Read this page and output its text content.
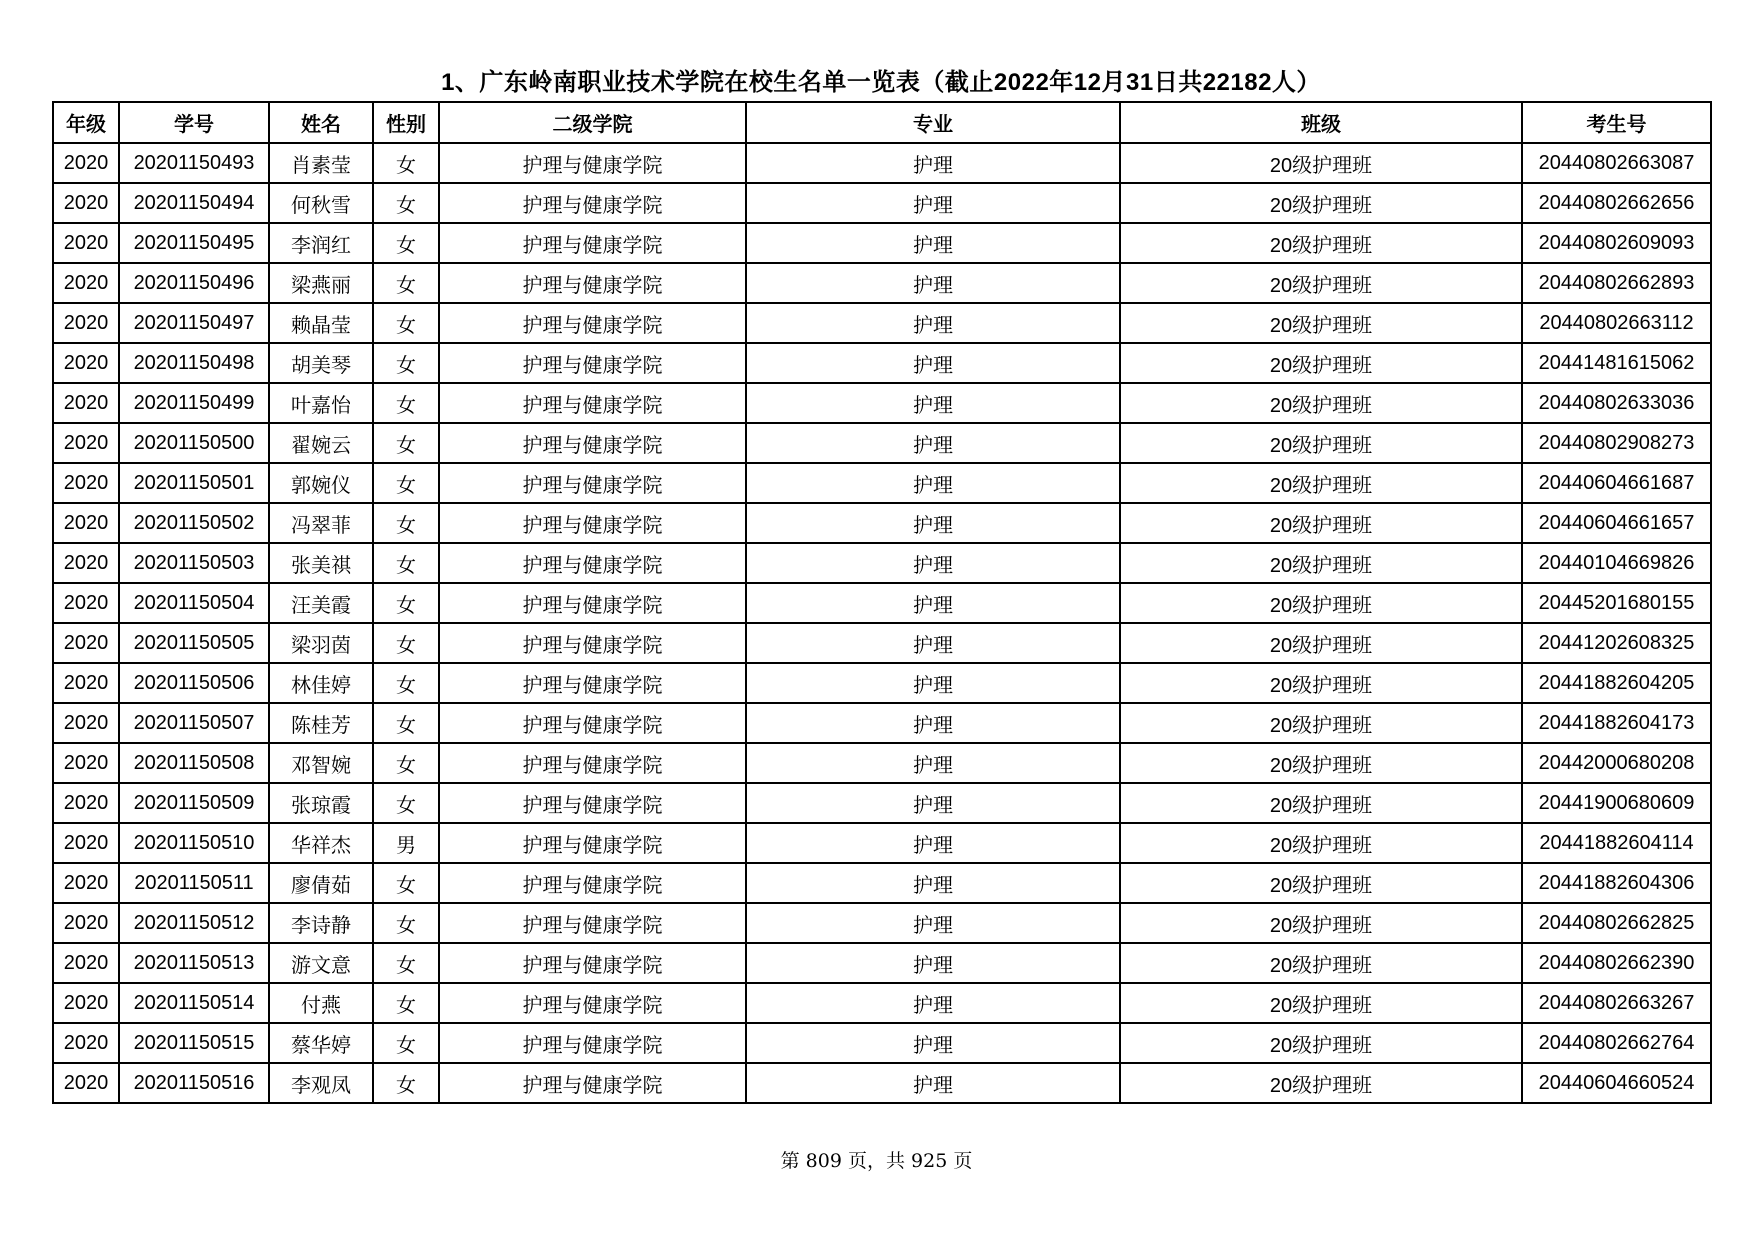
1、广东岭南职业技术学院在校生名单一览表（截止2022年12月31日共22182人）
年级	学号	姓名	性别	二级学院	专业	班级	考生号
2020	20201150493	肖素莹	女	护理与健康学院	护理	20级护理班	20440802663087
2020	20201150494	何秋雪	女	护理与健康学院	护理	20级护理班	20440802662656
2020	20201150495	李润红	女	护理与健康学院	护理	20级护理班	20440802609093
2020	20201150496	梁燕丽	女	护理与健康学院	护理	20级护理班	20440802662893
2020	20201150497	赖晶莹	女	护理与健康学院	护理	20级护理班	20440802663112
2020	20201150498	胡美琴	女	护理与健康学院	护理	20级护理班	20441481615062
2020	20201150499	叶嘉怡	女	护理与健康学院	护理	20级护理班	20440802633036
2020	20201150500	翟婉云	女	护理与健康学院	护理	20级护理班	20440802908273
2020	20201150501	郭婉仪	女	护理与健康学院	护理	20级护理班	20440604661687
2020	20201150502	冯翠菲	女	护理与健康学院	护理	20级护理班	20440604661657
2020	20201150503	张美祺	女	护理与健康学院	护理	20级护理班	20440104669826
2020	20201150504	汪美霞	女	护理与健康学院	护理	20级护理班	20445201680155
2020	20201150505	梁羽茵	女	护理与健康学院	护理	20级护理班	20441202608325
2020	20201150506	林佳婷	女	护理与健康学院	护理	20级护理班	20441882604205
2020	20201150507	陈桂芳	女	护理与健康学院	护理	20级护理班	20441882604173
2020	20201150508	邓智婉	女	护理与健康学院	护理	20级护理班	20442000680208
2020	20201150509	张琼霞	女	护理与健康学院	护理	20级护理班	20441900680609
2020	20201150510	华祥杰	男	护理与健康学院	护理	20级护理班	20441882604114
2020	20201150511	廖倩茹	女	护理与健康学院	护理	20级护理班	20441882604306
2020	20201150512	李诗静	女	护理与健康学院	护理	20级护理班	20440802662825
2020	20201150513	游文意	女	护理与健康学院	护理	20级护理班	20440802662390
2020	20201150514	付燕	女	护理与健康学院	护理	20级护理班	20440802663267
2020	20201150515	蔡华婷	女	护理与健康学院	护理	20级护理班	20440802662764
2020	20201150516	李观凤	女	护理与健康学院	护理	20级护理班	20440604660524
第 809 页，共 925 页
